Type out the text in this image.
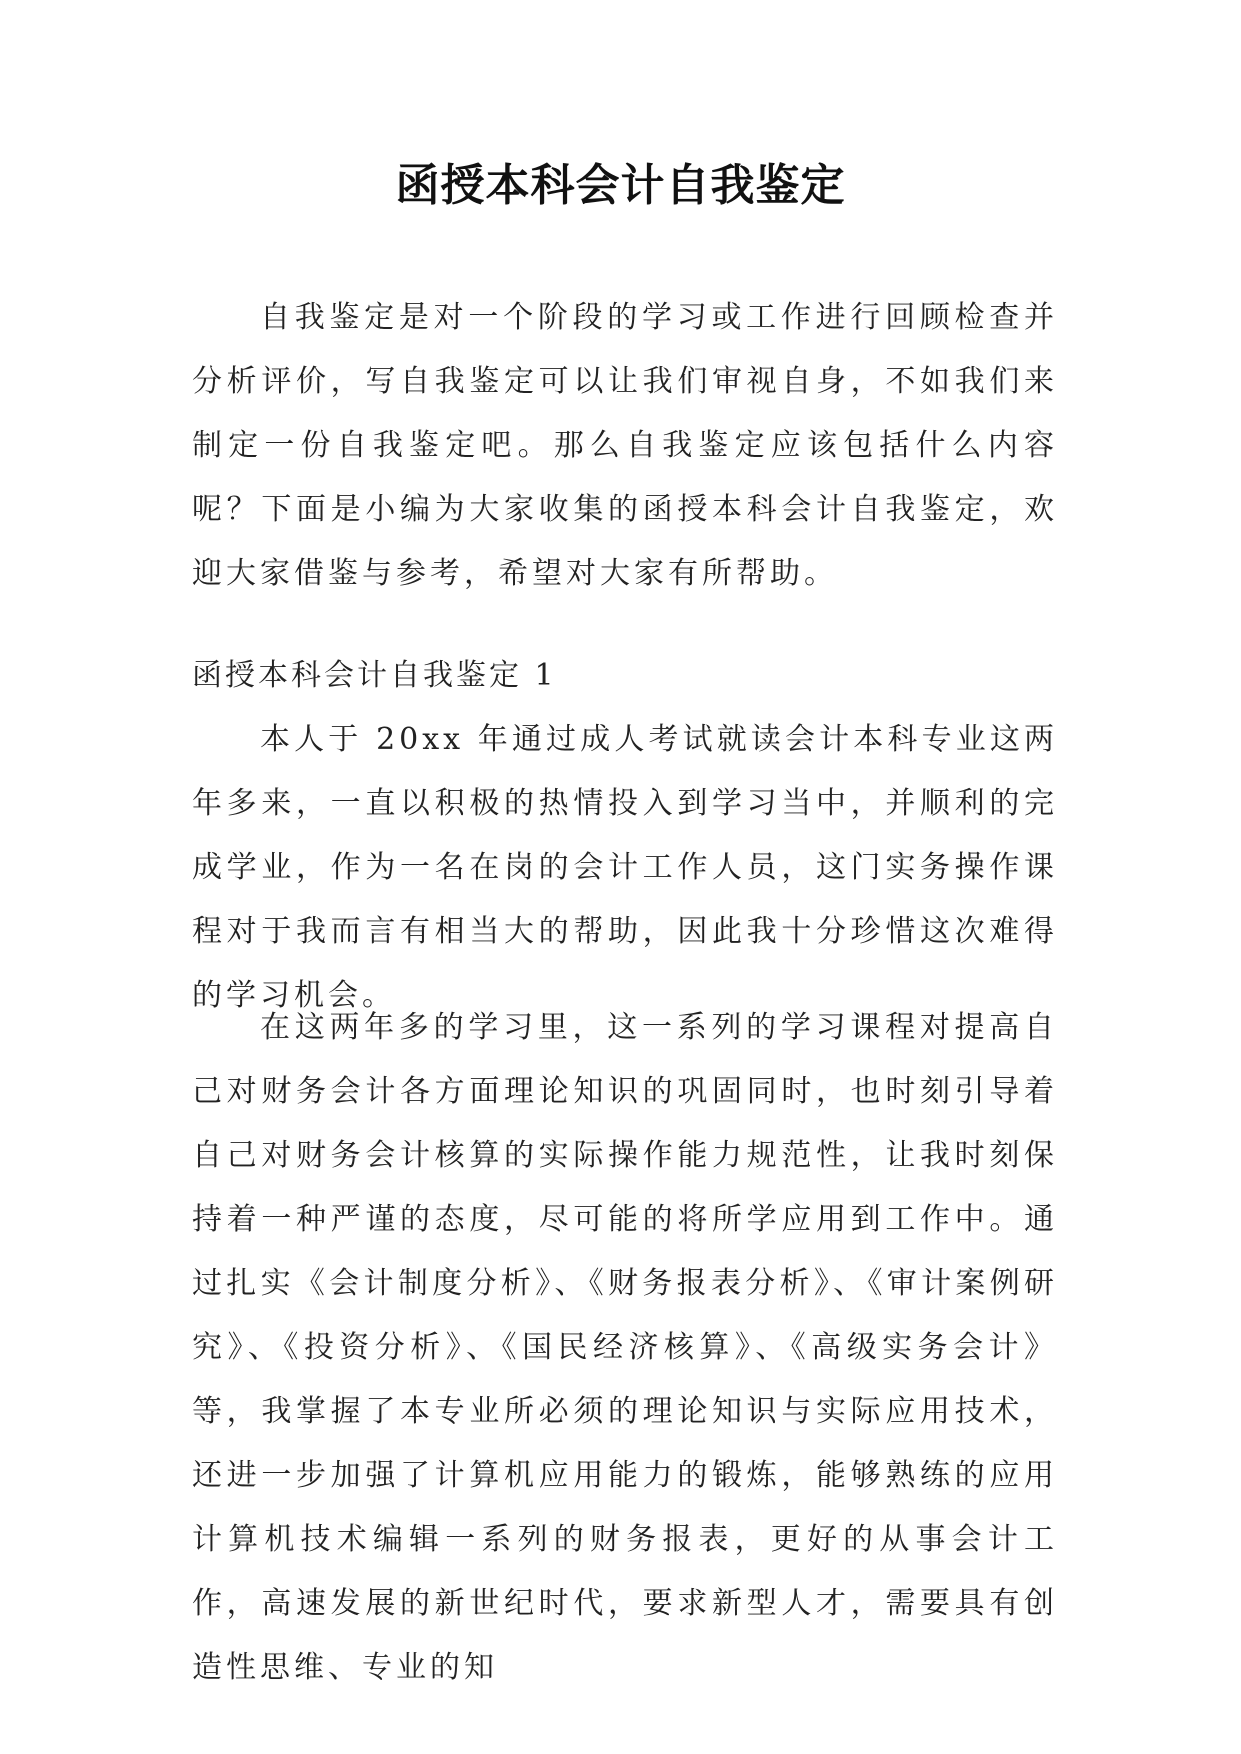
函授本科会计自我鉴定

自我鉴定是对一个阶段的学习或工作进行回顾检查并分析评价，写自我鉴定可以让我们审视自身，不如我们来制定一份自我鉴定吧。那么自我鉴定应该包括什么内容呢？下面是小编为大家收集的函授本科会计自我鉴定，欢迎大家借鉴与参考，希望对大家有所帮助。

函授本科会计自我鉴定 1

本人于 20xx 年通过成人考试就读会计本科专业这两年多来，一直以积极的热情投入到学习当中，并顺利的完成学业，作为一名在岗的会计工作人员，这门实务操作课程对于我而言有相当大的帮助，因此我十分珍惜这次难得的学习机会。

在这两年多的学习里，这一系列的学习课程对提高自己对财务会计各方面理论知识的巩固同时，也时刻引导着自己对财务会计核算的实际操作能力规范性，让我时刻保持着一种严谨的态度，尽可能的将所学应用到工作中。通过扎实《会计制度分析》、《财务报表分析》、《审计案例研究》、《投资分析》、《国民经济核算》、《高级实务会计》等，我掌握了本专业所必须的理论知识与实际应用技术，还进一步加强了计算机应用能力的锻炼，能够熟练的应用计算机技术编辑一系列的财务报表，更好的从事会计工作，高速发展的新世纪时代，要求新型人才，需要具有创造性思维、专业的知
